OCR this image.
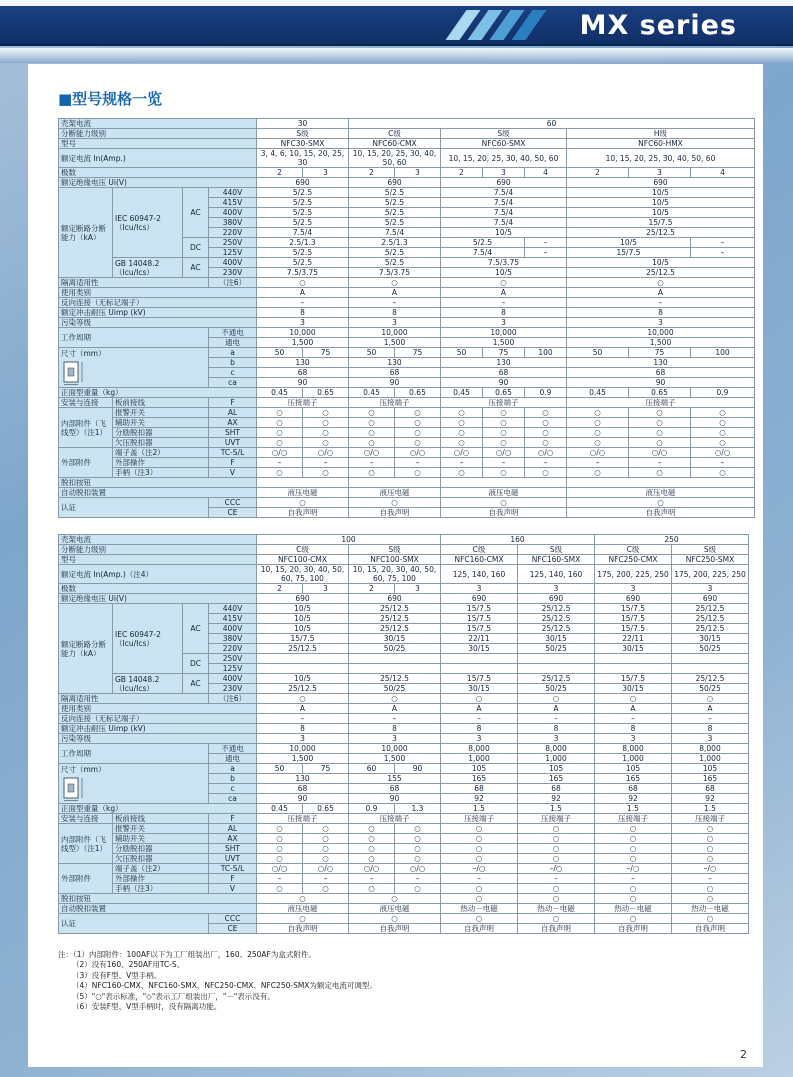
MX series
■型号规格一览
壳架电流				30		60							
分断能力级别				S级		C级		S级			H级		
型号				NFC30-SMX		NFC60-CMX		NFC60-SMX			NFC60-HMX		
额定电流 In(Amp.)				3, 4, 6, 10, 15, 20, 25, 30		10, 15, 20, 25, 30, 40, 50, 60		10, 15, 20, 25, 30, 40, 50, 60			10, 15, 20, 25, 30, 40, 50, 60		
极数				2	3	2	3	2	3	4	2	3	4
额定绝缘电压 Ui(V)				690		690		690			690		
额定断路分断能力（kA）	IEC 60947-2（Icu/Ics）	AC	440V	5/2.5		5/2.5		7.5/4			10/5		
			415V	5/2.5		5/2.5		7.5/4			10/5		
			400V	5/2.5		5/2.5		7.5/4			10/5		
			380V	5/2.5		5/2.5		7.5/4			15/7.5		
			220V	7.5/4		7.5/4		10/5			25/12.5		
		DC	250V	2.5/1.3		2.5/1.3		5/2.5		–	10/5		–
			125V	5/2.5		5/2.5		7.5/4		–	15/7.5		–
	GB 14048.2（Icu/Ics）	AC	400V	5/2.5		5/2.5		7.5/3.75			10/5		
			230V	7.5/3.75		7.5/3.75		10/5			25/12.5		
隔离适用性			（注6）	○		○		○			○		
使用类别				A		A		A			A		
反向连接（无标记端子）				–		–		–			–		
额定冲击耐压 Uimp (kV)				8		8		8			8		
污染等级				3		3		3			3		
工作周期			不通电	10,000		10,000		10,000			10,000		
			通电	1,500		1,500		1,500			1,500		

尺寸（mm）			a	50	75	50	75	50	75	100	50	75	100
			b	130		130		130			130		
			c	68		68		68			68		
			ca	90		90		90			90		
正面型重量（kg）				0.45	0.65	0.45	0.65	0.45	0.65	0.9	0.45	0.65	0.9
安装与连接	板前接线		F	压接端子		压接端子		压接端子			压接端子		
内部附件（飞线型）（注1）	报警开关		AL	○	○	○	○	○	○	○	○	○	○
	辅助开关		AX	○	○	○	○	○	○	○	○	○	○
	分励脱扣器		SHT	○	○	○	○	○	○	○	○	○	○
	欠压脱扣器		UVT	○	○	○	○	○	○	○	○	○	○
外部附件	端子盖（注2）		TC-S/L	○/○	○/○	○/○	○/○	○/○	○/○	○/○	○/○	○/○	○/○
	外部操作		F	–	–	–	–	–	–	–	–	–	–
	手柄（注3）		V	○	○	○	○	○	○	○	○	○	○
脱扣按钮													
自动脱扣装置				液压电磁		液压电磁		液压电磁			液压电磁		
认证			CCC	○		○		○			○		
			CE	自我声明		自我声明		自我声明			自我声明		
壳架电流				100				160		250	
分断能力级别				C级		S级		C级	S级	C级	S级
型号				NFC100-CMX		NFC100-SMX		NFC160-CMX	NFC160-SMX	NFC250-CMX	NFC250-SMX
额定电流 In(Amp.)（注4）				10, 15, 20, 30, 40, 50, 60, 75, 100		10, 15, 20, 30, 40, 50, 60, 75, 100		125, 140, 160	125, 140, 160	175, 200, 225, 250	175, 200, 225, 250
极数				2	3	2	3	3	3	3	3
额定绝缘电压 Ui(V)				690		690		690	690	690	690
额定断路分断能力（kA）	IEC 60947-2（Icu/Ics）	AC	440V	10/5		25/12.5		15/7.5	25/12.5	15/7.5	25/12.5
			415V	10/5		25/12.5		15/7.5	25/12.5	15/7.5	25/12.5
			400V	10/5		25/12.5		15/7.5	25/12.5	15/7.5	25/12.5
			380V	15/7.5		30/15		22/11	30/15	22/11	30/15
			220V	25/12.5		50/25		30/15	50/25	30/15	50/25
		DC	250V								
			125V								
	GB 14048.2（Icu/Ics）	AC	400V	10/5		25/12.5		15/7.5	25/12.5	15/7.5	25/12.5
			230V	25/12.5		50/25		30/15	50/25	30/15	50/25
隔离适用性			（注6）	○		○		○	○	○	○
使用类别				A		A		A	A	A	A
反向连接（无标记端子）				–		–		–	–	–	–
额定冲击耐压 Uimp (kV)				8		8		8	8	8	8
污染等级				3		3		3	3	3	3
工作周期			不通电	10,000		10,000		8,000	8,000	8,000	8,000
			通电	1,500		1,500		1,000	1,000	1,000	1,000

尺寸（mm）			a	50	75	60	90	105	105	105	105
			b	130		155		165	165	165	165
			c	68		68		68	68	68	68
			ca	90		90		92	92	92	92
正面型重量（kg）				0.45	0.65	0.9	1.3	1.5	1.5	1.5	1.5
安装与连接	板前接线		F	压接端子		压接端子		压接端子	压接端子	压接端子	压接端子
内部附件（飞线型）（注1）	报警开关		AL	○	○	○	○	○	○	○	○
	辅助开关		AX	○	○	○	○	○	○	○	○
	分励脱扣器		SHT	○	○	○	○	○	○	○	○
	欠压脱扣器		UVT	○	○	○	○	○	○	○	○
外部附件	端子盖（注2）		TC-S/L	○/○	○/○	○/○	○/○	–/○	–/○	–/○	–/○
	外部操作		F	–	–	–	–	–	–	–	–
	手柄（注3）		V	○	○	○	○	○	○	○	○
脱扣按钮				○		○		○	○	○	○
自动脱扣装置				液压电磁		液压电磁		热动－电磁	热动－电磁	热动－电磁	热动－电磁
认证			CCC	○		○		○	○	○	○
			CE	自我声明		自我声明		自我声明	自我声明	自我声明	自我声明
注：（1）内部附件：100AF以下为工厂组装出厂，160、250AF为盒式附件。
（2）没有160、250AF用TC-S。
（3）没有F型、V型手柄。
（4）NFC160-CMX、NFC160-SMX、NFC250-CMX、NFC250-SMX为额定电流可调型。
（5）"○"表示标准，"◇"表示工厂组装出厂，"－"表示没有。
（6）安装F型、V型手柄时，没有隔离功能。
2
